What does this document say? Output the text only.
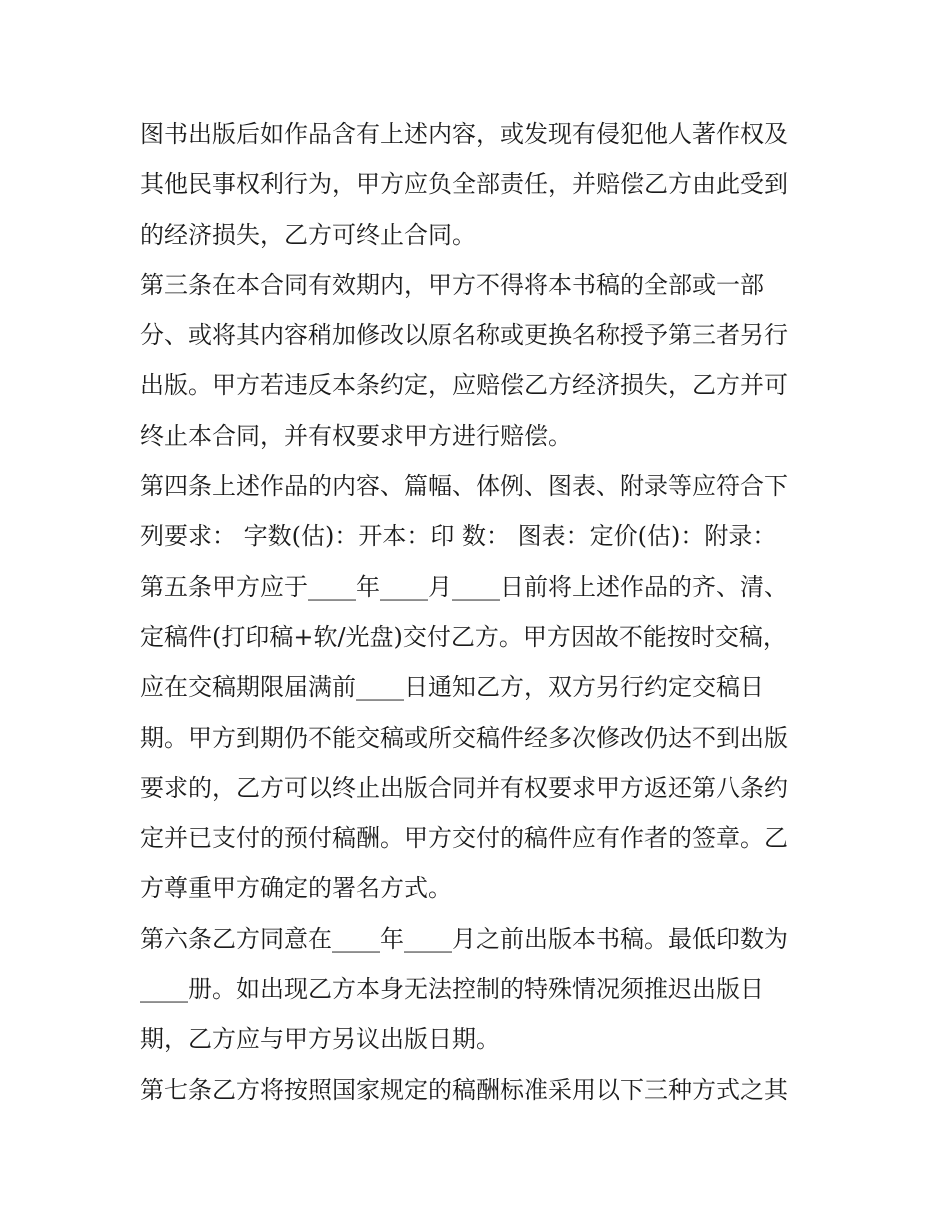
图书出版后如作品含有上述内容，或发现有侵犯他人著作权及
其他民事权利行为，甲方应负全部责任，并赔偿乙方由此受到
的经济损失，乙方可终止合同。
第三条在本合同有效期内，甲方不得将本书稿的全部或一部
分、或将其内容稍加修改以原名称或更换名称授予第三者另行
出版。甲方若违反本条约定，应赔偿乙方经济损失，乙方并可
终止本合同，并有权要求甲方进行赔偿。
第四条上述作品的内容、篇幅、体例、图表、附录等应符合下
列要求： 字数(估)：开本：印 数： 图表：定价(估)：附录：
第五条甲方应于____年____月____日前将上述作品的齐、清、
定稿件(打印稿+软/光盘)交付乙方。甲方因故不能按时交稿，
应在交稿期限届满前____日通知乙方，双方另行约定交稿日
期。甲方到期仍不能交稿或所交稿件经多次修改仍达不到出版
要求的，乙方可以终止出版合同并有权要求甲方返还第八条约
定并已支付的预付稿酬。甲方交付的稿件应有作者的签章。乙
方尊重甲方确定的署名方式。
第六条乙方同意在____年____月之前出版本书稿。最低印数为
____册。如出现乙方本身无法控制的特殊情况须推迟出版日
期，乙方应与甲方另议出版日期。
第七条乙方将按照国家规定的稿酬标准采用以下三种方式之其
